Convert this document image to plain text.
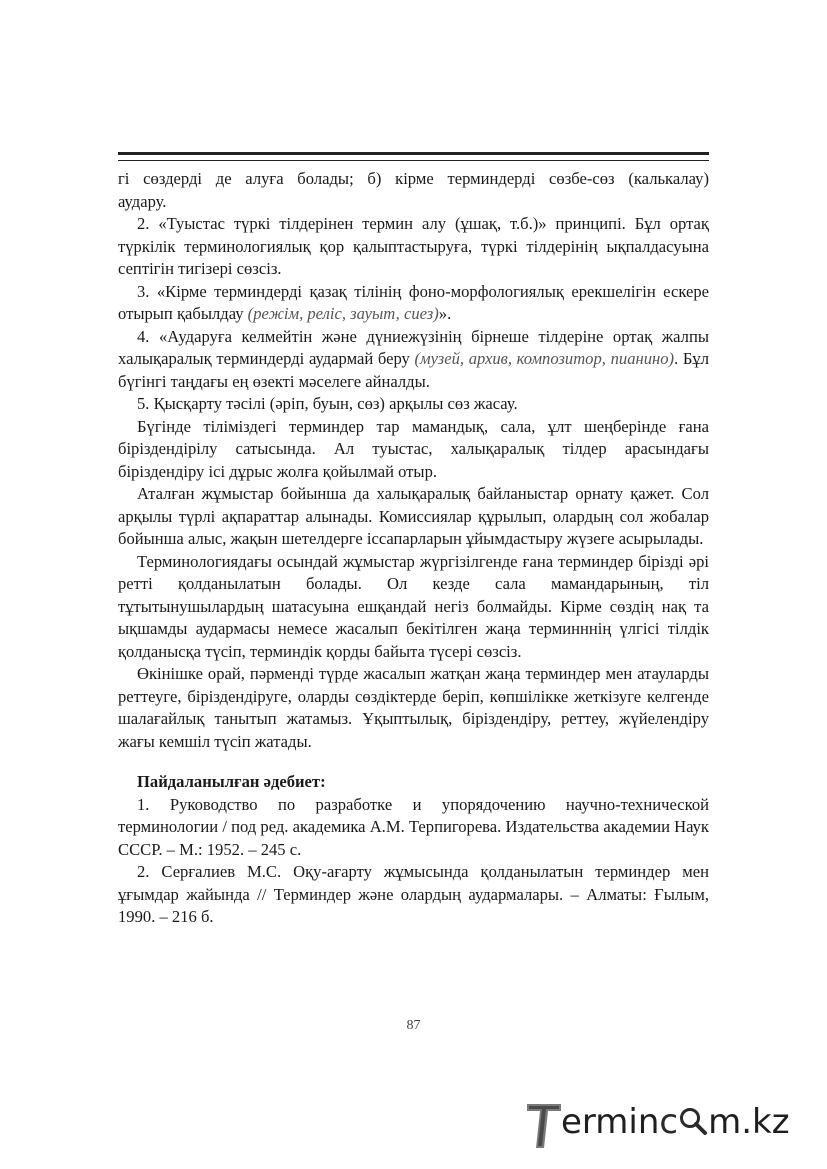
гі сөздерді де алуға болады; б) кірме терминдерді сөзбе-сөз (калькалау)

аудару.

2. «Туыстас түркі тілдерінен термин алу (ұшақ, т.б.)» принципі. Бұл ортақ түркілік терминологиялық қор қалыптастыруға, түркі тілдерінің ықпалдасуына септігін тигізері сөзсіз.

3. «Кірме терминдерді қазақ тілінің фоно-морфологиялық ерекшелігін ескере отырып қабылдау (режім, реліс, зауыт, сиез)».

4. «Аударуға келмейтін және дүниежүзінің бірнеше тілдеріне ортақ жалпы халықаралық терминдерді аудармай беру (музей, архив, композитор, пианино). Бұл бүгінгі таңдағы ең өзекті мәселеге айналды.

5. Қысқарту тәсілі (әріп, буын, сөз) арқылы сөз жасау.

Бүгінде тіліміздегі терминдер тар мамандық, сала, ұлт шеңберінде ғана біріздендірілу сатысында. Ал туыстас, халықаралық тілдер арасындағы біріздендіру ісі дұрыс жолға қойылмай отыр.

Аталған жұмыстар бойынша да халықаралық байланыстар орнату қажет. Сол арқылы түрлі ақпараттар алынады. Комиссиялар құрылып, олардың сол жобалар бойынша алыс, жақын шетелдерге іссапарларын ұйымдастыру жүзеге асырылады.

Терминологиядағы осындай жұмыстар жүргізілгенде ғана терминдер бірізді әрі ретті қолданылатын болады. Ол кезде сала мамандарының, тіл тұтытынушылардың шатасуына ешқандай негіз болмайды. Кірме сөздің нақ та ықшамды аудармасы немесе жасалып бекітілген жаңа терминннің үлгісі тілдік қолданысқа түсіп, терминдік қорды байыта түсері сөзсіз.

Өкінішке орай, пәрменді түрде жасалып жатқан жаңа терминдер мен атауларды реттеуге, біріздендіруге, оларды сөздіктерде беріп, көпшілікке жеткізуге келгенде шалағайлық танытып жатамыз. Ұқыптылық, біріздендіру, реттеу, жүйелендіру жағы кемшіл түсіп жатады.

Пайдаланылған әдебиет:

1. Руководство по разработке и упорядочению научно-технической терминологии / под ред. академика А.М. Терпигорева. Издательства академии Наук СССР. – М.: 1952. – 245 с.

2. Серғалиев М.С. Оқу-ағарту жұмысында қолданылатын терминдер мен ұғымдар жайында // Терминдер және олардың аудармалары. – Алматы: Ғылым, 1990. – 216 б.

87
erminc m.kz
